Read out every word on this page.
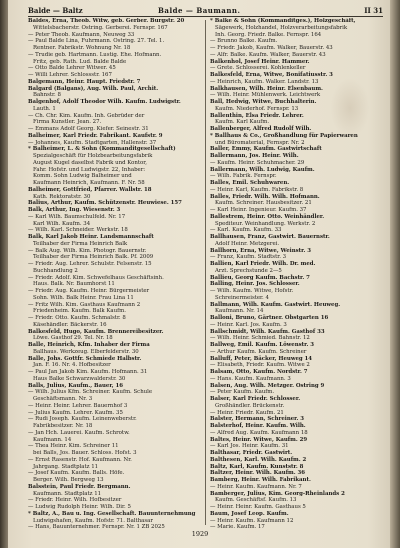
Balde — Baltz	Balde — Baumann.	II 31
Baldes, Erna, Theob. Witw, geb. Gerber. Burgstr. 20
Wittelsbacherstr. Ostring. Gerberei. Fernspr. 167
— Peter Theob. Kaufmann, Neuweg 33
— Paul Balde Lina, Fuhrmann. Ostring. 27. Tel. 1.
Rentner. Fabrikstr. Wohnung Nr. 18
— Trudie geb. Hartmann. Lustig. Ehe. Hofmann.
Fritz, geb. Rath. Lud. Balde Balde
— Otto Balde Lehrer Witwer. 45
— Willi Lehrer. Schlossstr. 167
Balgemann, Heinr. Haupt. Friedstr. 7
Balgard (Balgans), Aug. Wilh. Paul, Archit.
Bahnstr. 8
Balgenhof, Adolf Theodor Wilh. Kaufm. Ludwigstr.
Lauth. 1
— Ch. Chr. Kim. Kaufm. Inh. Gebrüder der
Firma Kunstler. Jean. 27.
— Emmans Adolf Georg. Kiefer. Seinestr. 31
Balheimer, Karl Friedr. Fabrikant. Kaufstr. 9
— Johannes, Kaufm. Stadtgarten, Hallenstr. 37
* Balheimer, L. & Sohn (Kommanditgesellschaft)
Spezialgeschäft für Holzbearbeitungsfabrik
August Kugel daselbst Fabrik und Kontor,
Fahr. Hofstr. und Ludwigstr. 22, Inhaber:
Komm. Sohn Ludwig Balheimer und
Kaufmann Heinrich, Kaufmann. F. Nr. 58
Balheimer, Gottfried, Pfarrer. Wallstr. 18
Kath. Rektoratstr. 30
Balius, Arthur, Kaufm. Schützenstr. Heuwiese. 157
Balk, Arthur, Ing. Wiesenstr. 3
— Karl Wilh. Baumschulfeld. Nr. 17
Karl Wilh. Kaufm. 34
— Wilh. Karl. Schneider. Werkstr. 18
Balk, Karl Jakob Heinr. Landsmannschaft
Teilhaber der Firma Heinrich Balk
— Balk Aug. Wilh. Kim. Photogr. Bauernstr.
Teilhaber der Firma Heinrich Balk. Pf. 2009
— Friedr. Aug. Lehrer. Schulstr. Felsenstr. 15
Buchhandlung 2
— Friedr. Adolf. Kim. Schwefelhaus Geschäftsinh.
Haus. Balk. Nr. Baumhorst 11
— Friedr. Aug. Kaufm. Heinr. Bürgermeister
Sohn. Wilh. Balk Heinr. Frau Lina 11
— Fritz Wilh. Kim. Gasthaus Kaufmann 2
Friedenheim. Kaufm. Balk Kaufm.
— Friedr. Otto. Kaufm. Schmalstr. 8
Käsehändler. Bäckerstr. 16
Balkesfeld, Hugo, Kaufm. Brennereibesitzer.
Löwe. Gasthof 29. Tel. Nr. 18
Balle, Heinrich, Kfm. Inhaber der Firma
Ballhaus. Werkzeug. Elberfelderstr. 30
Balle, Johs. Gottfr. Schmiede Halbstr.
Jan. F. 16. Nr. 4. Hofbesitzer
— Paul Jan Jakob Kim. Kaufm. Hofmann. 31
Haus Balke Schwarzwalderstr. 30
Balls, Julius, Kaufm., Bauer, 16
— Wilh. Julius Kfm. Schreiner. Kaufm. Schule
Geschäftsmann. Nr. 3
— Heinr. Heinr. Lehrer. Bauernhof 3
— Julius Kaufm. Lehrer. Kaufm. 35
— Rudi Joseph. Kaufm. Leinenweberstr.
Fabrikbesitzer. Nr. 18
— Jan Hch. Lauerei. Kaufm. Schrotw.
Kaufmann. 14
— Thea Heinr. Kim. Schreiner 11
bei Balls, Jos. Bauer. Schloss. Hofst. 3
— Ernst Rasenstr. Hof. Kaufmann. Nr.
Jahrgang. Stadtplatz 11
— Josef Kaufm. Kaufm. Balls. Höfe.
Berger. Wilh. Bergweg 13
Balsstein, Paul Friedr. Bergmann.
Kaufmann. Stadtplatz 11
— Friedr. Heinr. Wilh. Hofbesitzer
— Ludwig Rudolph Heinr. Wilh. Dir. 5
* Baltz, A., Bau u. Ing. Gesellschaft. Bauunternehmung
Ludwigshafen, Kaufm. Hofstr. 71. Balthasar
— Hans, Bauunternehmer. Fernspr. Nr. 1 ZB 2025
* Balke & Sohn (Kommanditges.), Holzgeschäft,
Sägewerk, Holzhandel, Holzverarbeitungsfabrik
Inh. Georg. Friedr. Balke. Fernspr. 164
— Brunno Balke. Kaufm.
— Friedr. Jakob, Kaufm. Walker, Bauerstr. 43
— Alfr. Balke. Kaufm. Walker, Bauerstr. 43
Balkenhol, Josef Heinr. Hammer.
— Grete. Schlosserei. Kohlenkeller
Balkesfeld, Erna, Witwe, Bonifatiusstr. 3
— Heinrich, Kaufm. Walker. Landstr. 13
Balkhausen, Wilh. Heinr. Elsenbaum.
— Wilh. Heinr. Mühlenwerk. Leichtwerk
Ball, Hedwig, Witwe, Buchhalterin.
Kaufm. Niederhof. Fernspr. 13
Ballenthin, Elsa Friedr. Lehrer.
Kaufm. Karl Kaufm.
Ballenberger, Alfred Rudolf Wilh.
* Ballhaus & Co., Großhandlung für Papierwaren
und Büromaterial, Fernspr. Nr. 2
Baller, Emmy, Kaufm. Gastwirtschaft
Ballermann, Jos. Heinr. Wilh.
— Kaufm. Heinr. Schuhmacher. 29
Ballermann, Wilh. Ludwig, Kaufm.
— Wilh. Fabrik. Fernspr.
Balles, Emil. Schuhwaren.
— Heinr. Karl, Kaufm. Fabrikstr. 8
Balles, Friedr. Wilh. Wilh. Hofmann.
Kaufm. Schreiner. Hausbesitzer. 21
— Karl Heinr. Ingenieur. Kaufm. 37
Ballestrem, Heinr. Otto. Weinhändler.
Spediteur. Weinhandlung. Werkstr. 2
— Karl. Kaufm. Kaufm. 33
Ballhausen, Franz, Gastwirt. Bauernstr.
Adolf Heinr. Metzgerei.
Ballhorn, Erna, Witwe, Weinstr. 3
— Franz, Kaufm. Stadtstr. 3
Ballien, Karl Friedr. Wilh. Dr. med.
Arzt. Sprechstunde 2—5
Ballieu, Georg Kaufm. Bachstr. 7
Balling, Heinr. Jos. Schlosser.
— Wilh. Kaufm. Witwe, Hofstr.
Schreinermeister. 4
Ballmann, Wilh. Kaufm. Gastwirt. Heuweg.
Kaufmann. Nr. 14
Balloni, Bruno, Gärtner. Obstgarten 16
— Heinr. Karl. Jos. Kaufm. 3
Ballschmidt, Wilh. Kaufm. Gasthof 33
— Wilh. Heinr. Schmied. Bahnstr. 12
Ballweg, Emil. Kaufm. Löwenstr. 3
— Arthur Kaufm. Kaufm. Schreiner
Balluff, Peter, Bäcker, Heuweg 14
— Elisabeth, Friedr. Kaufm. Witwe 2
Balsam, Otto, Kaufm. Nordstr. 7
— Hans. Kaufm. Kaufmann. 3
Balsen, Aug. Wilh. Metzger. Ostring 9
— Peter Kaufm. Kaufm.
Balser, Karl Friedr. Schlosser.
Großhändler. Brückenstr.
— Heinr. Friedr. Kaufm. 21
Balster, Hermann, Schreiner. 3
Balsterhof, Heinr. Kaufm. Wilh.
— Alfred Aug. Kaufm. Kaufmann 18
Baltes, Heinr. Witwe, Kaufm. 29
— Karl Jos. Heinr. Kaufm. 31
Balthasar, Friedr. Gastwirt.
Balthesen, Karl. Wilh. Kaufm. 2
Baltz, Karl, Kaufm. Kunststr. 8
Baltzer, Heinr. Wilh. Kaufm. 36
Bamberg, Heinr. Wilh. Fabrikant.
— Heinr. Kaufm. Kaufmann. Nr. 7
Bamberger, Julius, Kim. Georg-Rheinlands 2
Kaufm. Geschäftsf. Kaufm. 13
— Heinr. Heinr. Kaufm. Gasthaus 5
Baum, Josef Leop. Kaufm.
— Heinr. Kaufm. Kaufmann 12
— Marie. Kaufm. 17
1929
